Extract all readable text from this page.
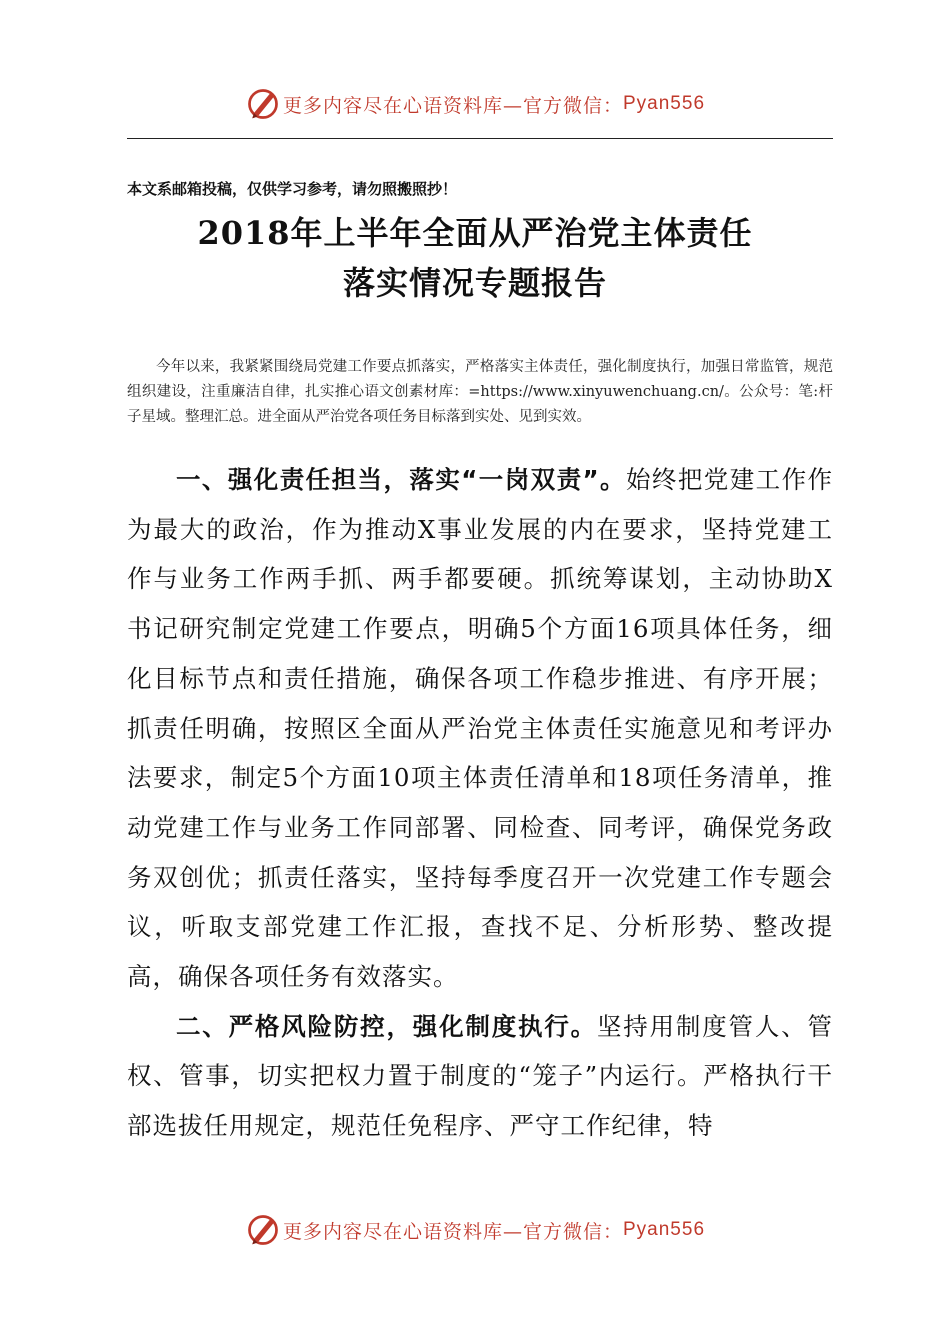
更多内容尽在心语资料库—官方微信： Pyan556
本文系邮箱投稿，仅供学习参考，请勿照搬照抄！
2018年上半年全面从严治党主体责任
落实情况专题报告
今年以来，我紧紧围绕局党建工作要点抓落实，严格落实主体责任，强化制度执行，加强日常监管，规范组织建设，注重廉洁自律，扎实推心语文创素材库：=https://www.xinyuwenchuang.cn/。公众号：笔:杆子星域。整理汇总。进全面从严治党各项任务目标落到实处、见到实效。

一、强化责任担当，落实“一岗双责”。始终把党建工作作为最大的政治，作为推动X事业发展的内在要求，坚持党建工作与业务工作两手抓、两手都要硬。抓统筹谋划，主动协助X书记研究制定党建工作要点，明确5个方面16项具体任务，细化目标节点和责任措施，确保各项工作稳步推进、有序开展；抓责任明确，按照区全面从严治党主体责任实施意见和考评办法要求，制定5个方面10项主体责任清单和18项任务清单，推动党建工作与业务工作同部署、同检查、同考评，确保党务政务双创优；抓责任落实，坚持每季度召开一次党建工作专题会议，听取支部党建工作汇报，查找不足、分析形势、整改提高，确保各项任务有效落实。

二、严格风险防控，强化制度执行。坚持用制度管人、管权、管事，切实把权力置于制度的“笼子”内运行。严格执行干部选拔任用规定，规范任免程序、严守工作纪律，特

更多内容尽在心语资料库—官方微信： Pyan556
